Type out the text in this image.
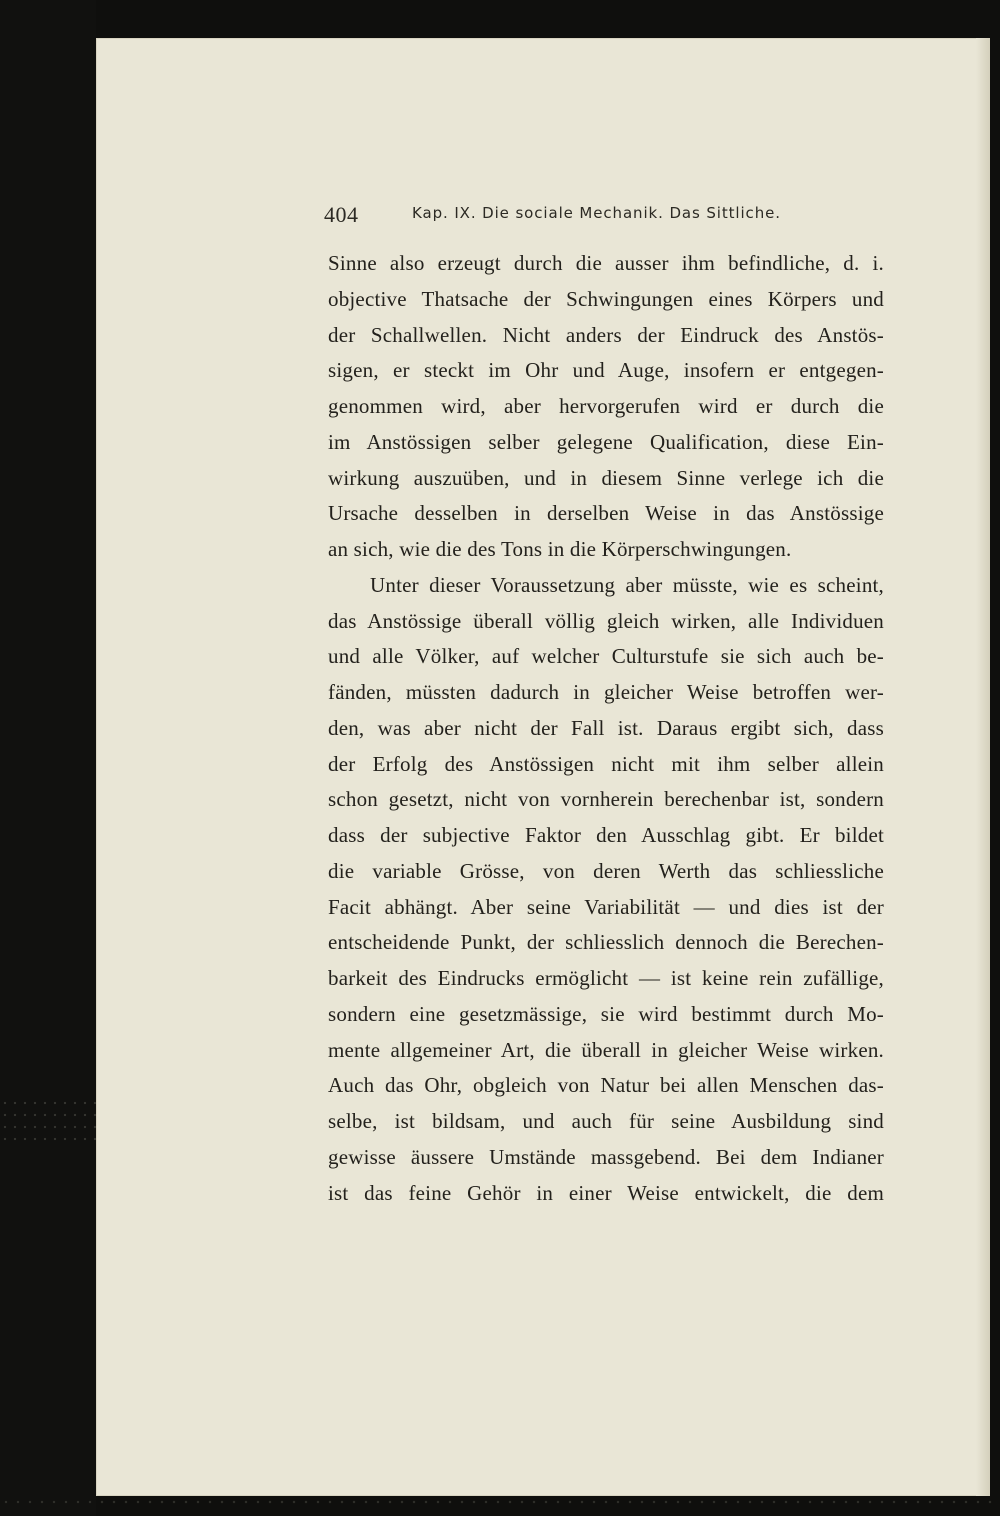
404	Kap. IX. Die sociale Mechanik. Das Sittliche.
Sinne also erzeugt durch die ausser ihm befindliche, d. i.
objective Thatsache der Schwingungen eines Körpers und
der Schallwellen. Nicht anders der Eindruck des Anstös-
sigen, er steckt im Ohr und Auge, insofern er entgegen-
genommen wird, aber hervorgerufen wird er durch die
im Anstössigen selber gelegene Qualification, diese Ein-
wirkung auszuüben, und in diesem Sinne verlege ich die
Ursache desselben in derselben Weise in das Anstössige
an sich, wie die des Tons in die Körperschwingungen.
Unter dieser Voraussetzung aber müsste, wie es scheint,
das Anstössige überall völlig gleich wirken, alle Individuen
und alle Völker, auf welcher Culturstufe sie sich auch be-
fänden, müssten dadurch in gleicher Weise betroffen wer-
den, was aber nicht der Fall ist. Daraus ergibt sich, dass
der Erfolg des Anstössigen nicht mit ihm selber allein
schon gesetzt, nicht von vornherein berechenbar ist, sondern
dass der subjective Faktor den Ausschlag gibt. Er bildet
die variable Grösse, von deren Werth das schliessliche
Facit abhängt. Aber seine Variabilität — und dies ist der
entscheidende Punkt, der schliesslich dennoch die Berechen-
barkeit des Eindrucks ermöglicht — ist keine rein zufällige,
sondern eine gesetzmässige, sie wird bestimmt durch Mo-
mente allgemeiner Art, die überall in gleicher Weise wirken.
Auch das Ohr, obgleich von Natur bei allen Menschen das-
selbe, ist bildsam, und auch für seine Ausbildung sind
gewisse äussere Umstände massgebend. Bei dem Indianer
ist das feine Gehör in einer Weise entwickelt, die dem
